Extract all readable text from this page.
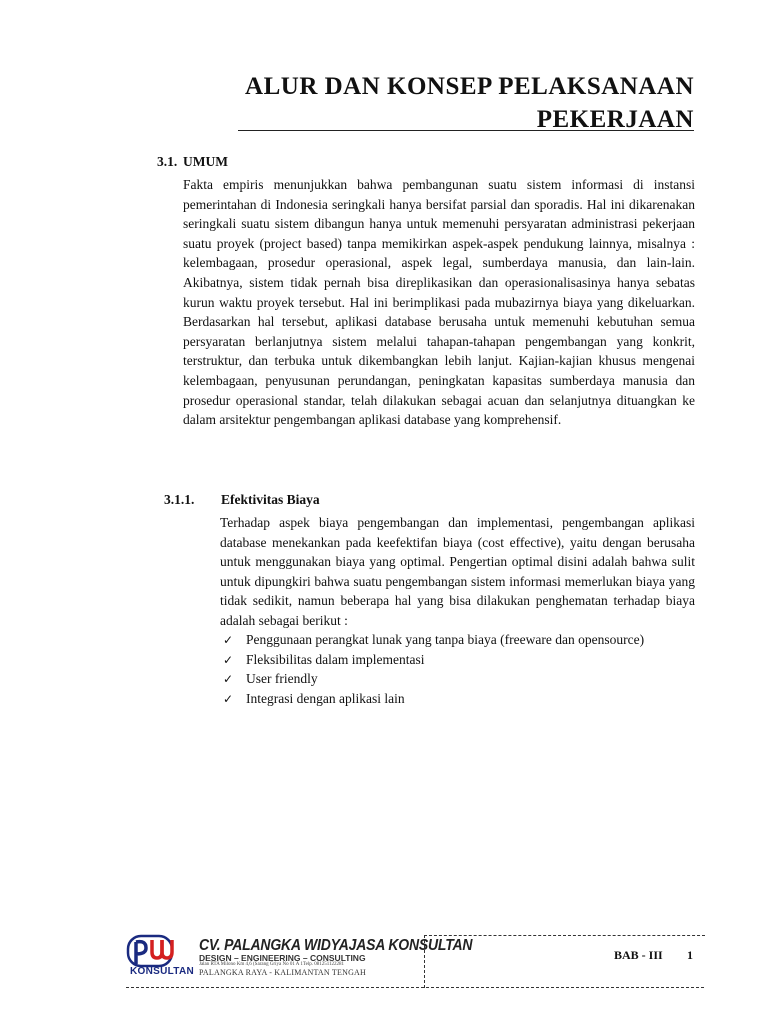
ALUR DAN KONSEP PELAKSANAAN
PEKERJAAN
3.1. UMUM
Fakta empiris menunjukkan bahwa pembangunan suatu sistem informasi di instansi pemerintahan di Indonesia seringkali hanya bersifat parsial dan sporadis. Hal ini dikarenakan seringkali suatu sistem dibangun hanya untuk memenuhi persyaratan administrasi pekerjaan suatu proyek (project based) tanpa memikirkan aspek-aspek pendukung lainnya, misalnya : kelembagaan, prosedur operasional, aspek legal, sumberdaya manusia, dan lain-lain. Akibatnya, sistem tidak pernah bisa direplikasikan dan operasionalisasinya hanya sebatas kurun waktu proyek tersebut. Hal ini berimplikasi pada mubazirnya biaya yang dikeluarkan. Berdasarkan hal tersebut, aplikasi database berusaha untuk memenuhi kebutuhan semua persyaratan berlanjutnya sistem melalui tahapan-tahapan pengembangan yang konkrit, terstruktur, dan terbuka untuk dikembangkan lebih lanjut. Kajian-kajian khusus mengenai kelembagaan, penyusunan perundangan, peningkatan kapasitas sumberdaya manusia dan prosedur operasional standar, telah dilakukan sebagai acuan dan selanjutnya dituangkan ke dalam arsitektur pengembangan aplikasi database yang komprehensif.
3.1.1. Efektivitas Biaya
Terhadap aspek biaya pengembangan dan implementasi, pengembangan aplikasi database menekankan pada keefektifan biaya (cost effective), yaitu dengan berusaha untuk menggunakan biaya yang optimal. Pengertian optimal disini adalah bahwa sulit untuk dipungkiri bahwa suatu pengembangan sistem informasi memerlukan biaya yang tidak sedikit, namun beberapa hal yang bisa dilakukan penghematan terhadap biaya adalah sebagai berikut :
✓ Penggunaan perangkat lunak yang tanpa biaya (freeware dan opensource)
✓ Fleksibilitas dalam implementasi
✓ User friendly
✓ Integrasi dengan aplikasi lain
KONSULTAN
CV. PALANGKA WIDYAJASA KONSULTAN
DESIGN – ENGINEERING – CONSULTING
Jalan RTA Milono Km 4,6 (Sarang Griya No 01 A 1Telp. 081251122281
PALANGKA RAYA - KALIMANTAN TENGAH
BAB - III 1
